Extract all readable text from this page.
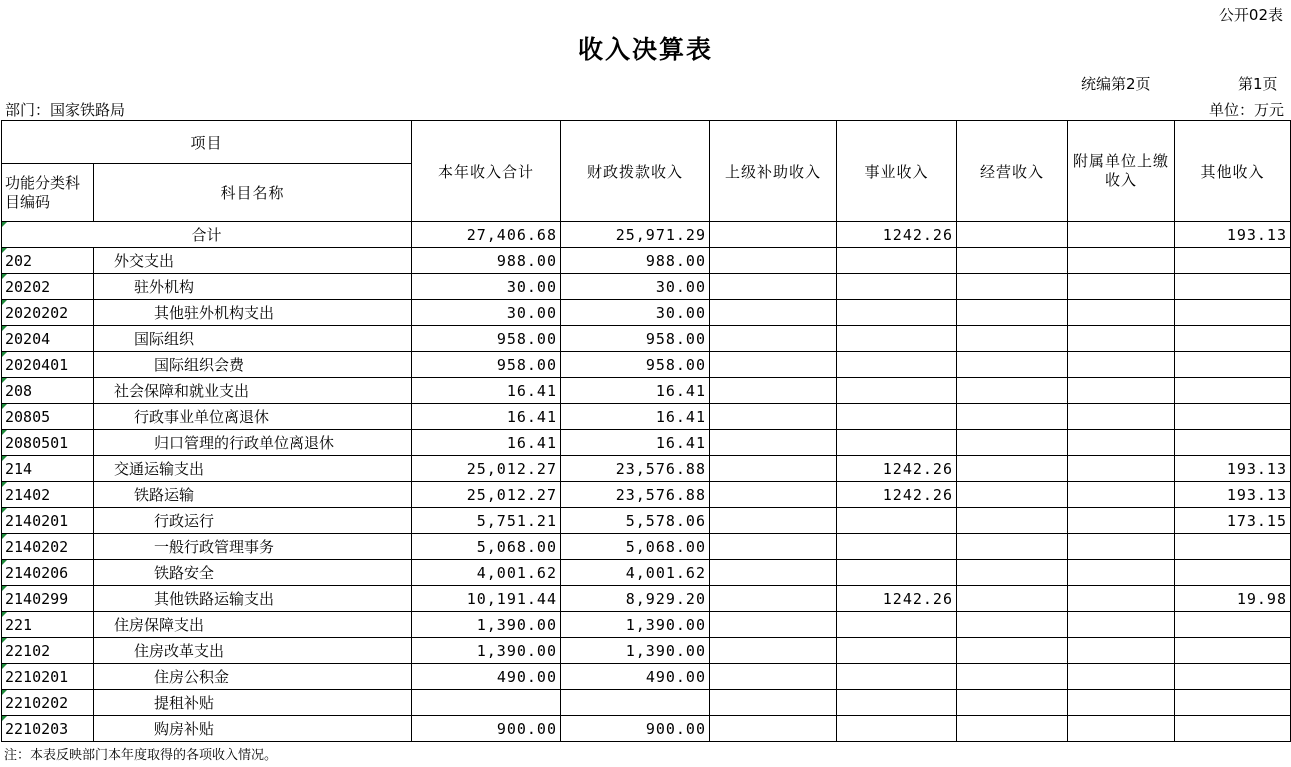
公开02表
收入决算表
统编第2页	第1页
部门：国家铁路局	单位：万元
项目		本年收入合计	财政拨款收入	上级补助收入	事业收入	经营收入	附属单位上缴收入	其他收入
功能分类科目编码	科目名称							
合计		27,406.68	25,971.29		1242.26			193.13
202	外交支出	988.00	988.00					
20202	驻外机构	30.00	30.00					
2020202	其他驻外机构支出	30.00	30.00					
20204	国际组织	958.00	958.00					
2020401	国际组织会费	958.00	958.00					
208	社会保障和就业支出	16.41	16.41					
20805	行政事业单位离退休	16.41	16.41					
2080501	归口管理的行政单位离退休	16.41	16.41					
214	交通运输支出	25,012.27	23,576.88		1242.26			193.13
21402	铁路运输	25,012.27	23,576.88		1242.26			193.13
2140201	行政运行	5,751.21	5,578.06					173.15
2140202	一般行政管理事务	5,068.00	5,068.00					
2140206	铁路安全	4,001.62	4,001.62					
2140299	其他铁路运输支出	10,191.44	8,929.20		1242.26			19.98
221	住房保障支出	1,390.00	1,390.00					
22102	住房改革支出	1,390.00	1,390.00					
2210201	住房公积金	490.00	490.00					
2210202	提租补贴							
2210203	购房补贴	900.00	900.00					
注：本表反映部门本年度取得的各项收入情况。
